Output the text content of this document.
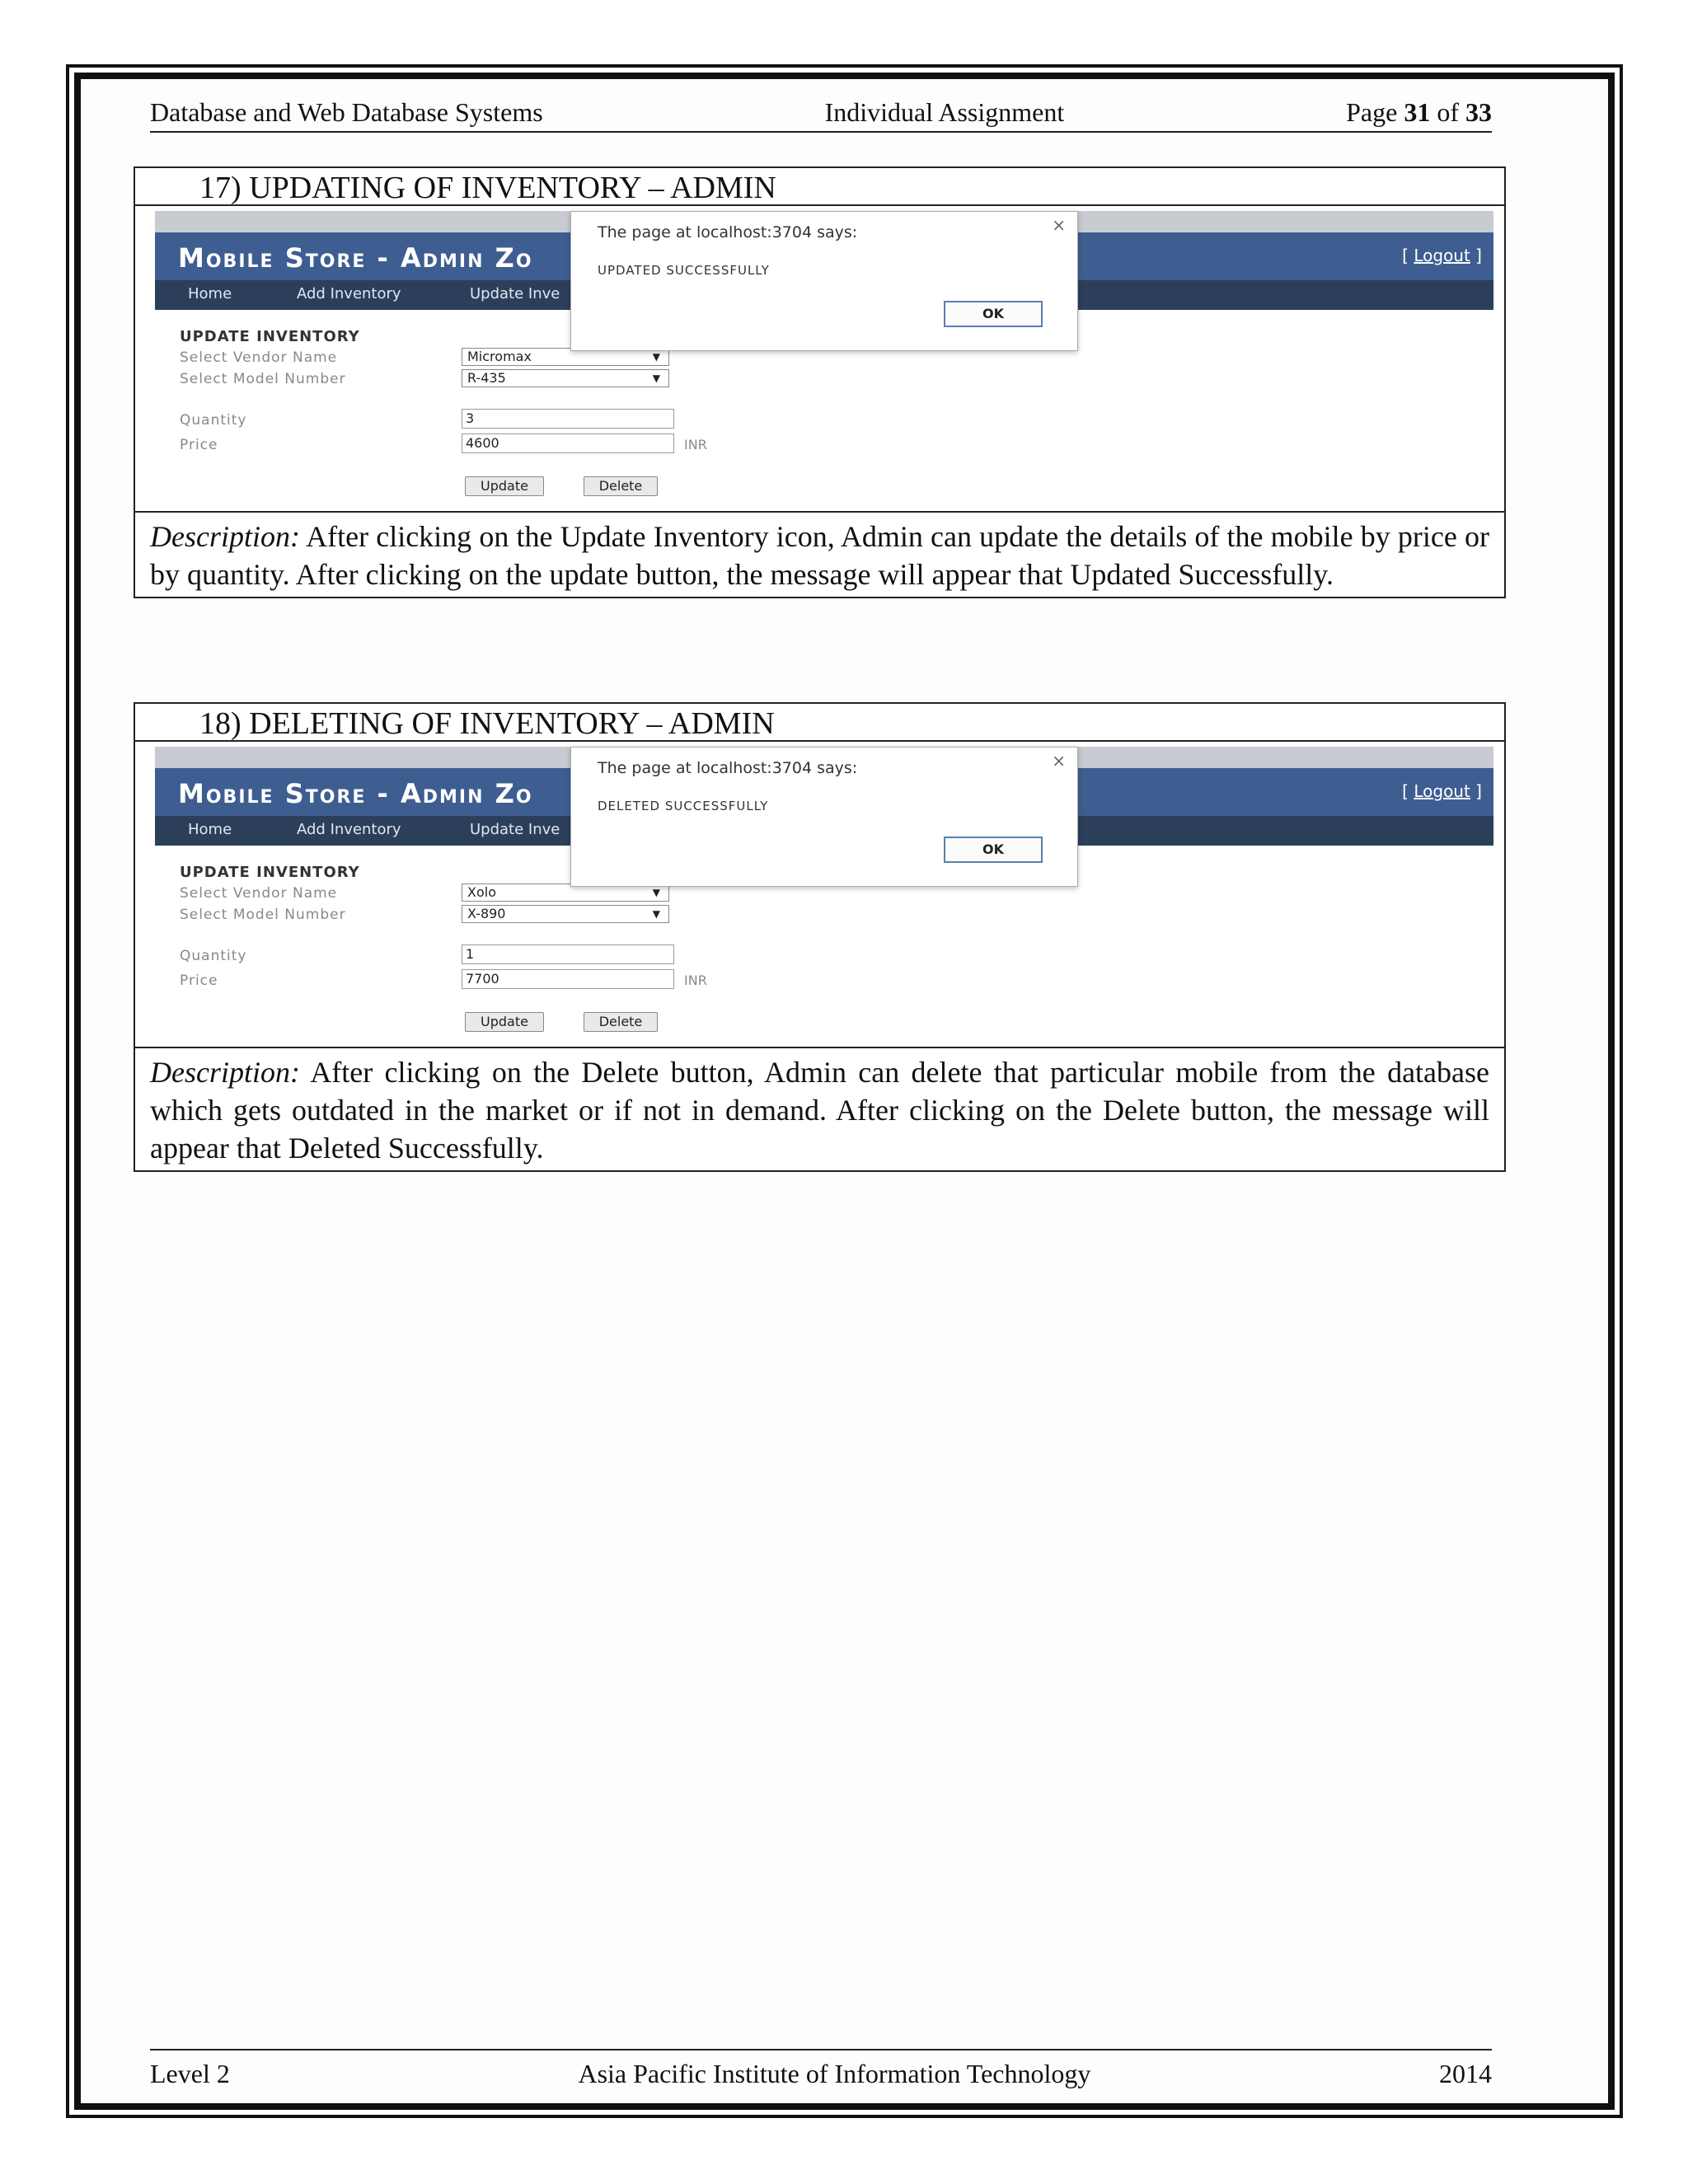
Database and Web Database Systems	Individual Assignment	Page 31 of 33
17) UPDATING OF INVENTORY – ADMIN
Mobile Store - Admin Zo	[ Logout ]
Home	Add Inventory	Update Inve
UPDATE INVENTORY
Select Vendor Name	Micromax	▼
Select Model Number	R-435	▼
Quantity	3
Price	4600	INR
Update	Delete
The page at localhost:3704 says:	×
UPDATED SUCCESSFULLY
OK
Description: After clicking on the Update Inventory icon, Admin can update the details of the mobile by price or by quantity. After clicking on the update button, the message will appear that Updated Successfully.
18) DELETING OF INVENTORY – ADMIN
Mobile Store - Admin Zo	[ Logout ]
Home	Add Inventory	Update Inve
UPDATE INVENTORY
Select Vendor Name	Xolo	▼
Select Model Number	X-890	▼
Quantity	1
Price	7700	INR
Update	Delete
The page at localhost:3704 says:	×
DELETED SUCCESSFULLY
OK
Description: After clicking on the Delete button, Admin can delete that particular mobile from the database which gets outdated in the market or if not in demand. After clicking on the Delete button, the message will appear that Deleted Successfully.
Level 2	Asia Pacific Institute of Information Technology	2014
